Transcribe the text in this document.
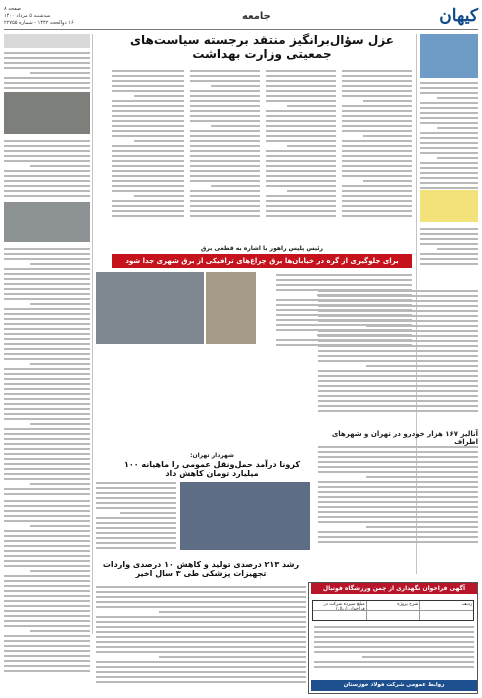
کیهان
جامعه
صفحه ۸
سه‌شنبه ۵ مرداد ۱۴۰۰
۱۶ ذوالحجه ۱۴۴۲ - شماره ۲۲۷۵۵
عزل سؤال‌برانگیز منتقد برجسته سیاست‌های جمعیتی وزارت بهداشت
رئیس پلیس راهور با اشاره به قطعی برق
برای جلوگیری از گره در خیابان‌ها برق چراغ‌های ترافیکی از برق شهری جدا شود
آنالیز ۱۶۷ هزار خودرو در تهران و شهرهای اطراف
شهردار تهران:
کرونا درآمد حمل‌ونقل عمومی را ماهیانه ۱۰۰ میلیارد تومان کاهش داد
رشد ۲۱۳ درصدی تولید و کاهش ۱۰ درصدی واردات تجهیزات پزشکی طی ۳ سال اخیر
آگهی فراخوان نگهداری از چمن ورزشگاه فوتبال
ردیف
شرح پروژه
مبلغ سپرده شرکت در فراخوان (ریال)
روابط عمومی شرکت فولاد خوزستان
